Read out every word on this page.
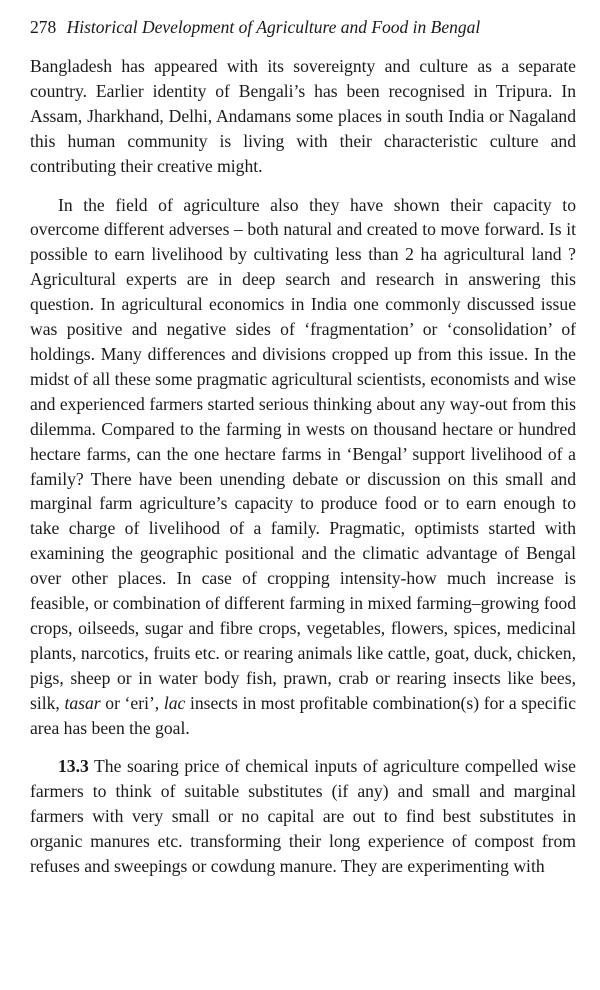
278 Historical Development of Agriculture and Food in Bengal

Bangladesh has appeared with its sovereignty and culture as a separate country. Earlier identity of Bengali’s has been recognised in Tripura. In Assam, Jharkhand, Delhi, Andamans some places in south India or Nagaland this human community is living with their characteristic culture and contributing their creative might.

In the field of agriculture also they have shown their capacity to overcome different adverses – both natural and created to move forward. Is it possible to earn livelihood by cultivating less than 2 ha agricultural land ? Agricultural experts are in deep search and research in answering this question. In agricultural economics in India one commonly discussed issue was positive and negative sides of ‘fragmentation’ or ‘consolidation’ of holdings. Many differences and divisions cropped up from this issue. In the midst of all these some pragmatic agricultural scientists, economists and wise and experienced farmers started serious thinking about any way-out from this dilemma. Compared to the farming in wests on thousand hectare or hundred hectare farms, can the one hectare farms in ‘Bengal’ support livelihood of a family? There have been unending debate or discussion on this small and marginal farm agriculture’s capacity to produce food or to earn enough to take charge of livelihood of a family. Pragmatic, optimists started with examining the geographic positional and the climatic advantage of Bengal over other places. In case of cropping intensity-how much increase is feasible, or combination of different farming in mixed farming–growing food crops, oilseeds, sugar and fibre crops, vegetables, flowers, spices, medicinal plants, narcotics, fruits etc. or rearing animals like cattle, goat, duck, chicken, pigs, sheep or in water body fish, prawn, crab or rearing insects like bees, silk, tasar or ‘eri’, lac insects in most profitable combination(s) for a specific area has been the goal.

13.3 The soaring price of chemical inputs of agriculture compelled wise farmers to think of suitable substitutes (if any) and small and marginal farmers with very small or no capital are out to find best substitutes in organic manures etc. transforming their long experience of compost from refuses and sweepings or cowdung manure. They are experimenting with
